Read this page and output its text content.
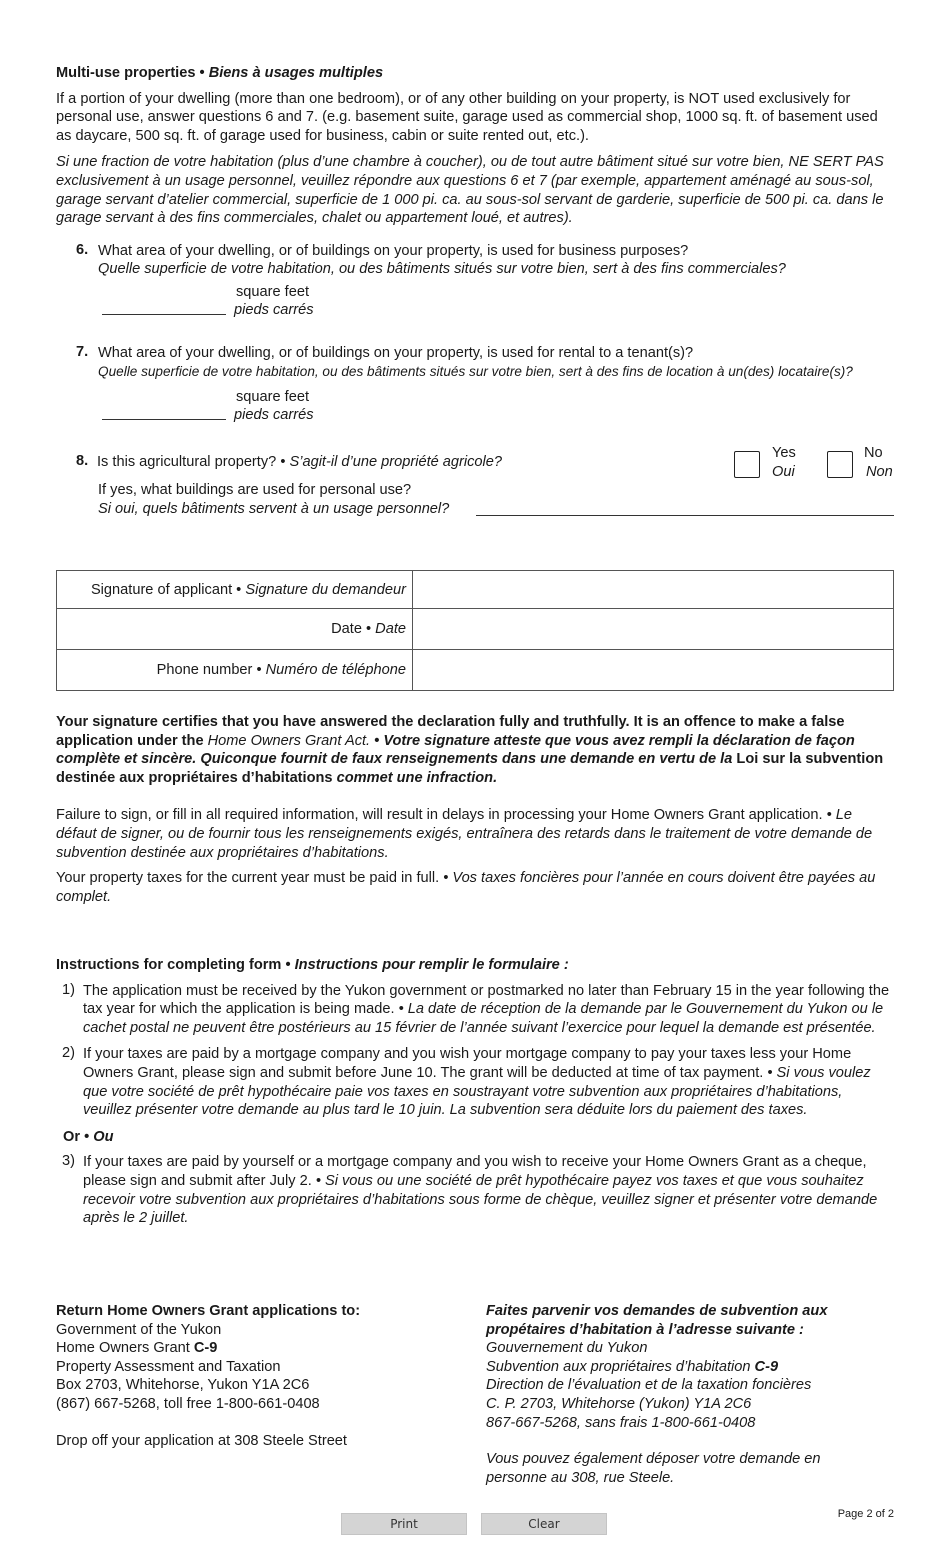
Multi-use properties • Biens à usages multiples

If a portion of your dwelling (more than one bedroom), or of any other building on your property, is NOT used exclusively for personal use, answer questions 6 and 7. (e.g. basement suite, garage used as commercial shop, 1000 sq. ft. of basement used as daycare, 500 sq. ft. of garage used for business, cabin or suite rented out, etc.).

Si une fraction de votre habitation (plus d’une chambre à coucher), ou de tout autre bâtiment situé sur votre bien, NE SERT PAS exclusivement à un usage personnel, veuillez répondre aux questions 6 et 7 (par exemple, appartement aménagé au sous-sol, garage servant d’atelier commercial, superficie de 1 000 pi. ca. au sous-sol servant de garderie, superficie de 500 pi. ca. dans le garage servant à des fins commerciales, chalet ou appartement loué, et autres).

6. What area of your dwelling, or of buildings on your property, is used for business purposes?

Quelle superficie de votre habitation, ou des bâtiments situés sur votre bien, sert à des fins commerciales?

square feet
pieds carrés
7. What area of your dwelling, or of buildings on your property, is used for rental to a tenant(s)?

Quelle superficie de votre habitation, ou des bâtiments situés sur votre bien, sert à des fins de location à un(des) locataire(s)?

square feet
pieds carrés
8. Is this agricultural property? • S’agit-il d’une propriété agricole?

Yes
Oui
No
Non

If yes, what buildings are used for personal use?

Si oui, quels bâtiments servent à un usage personnel?

Signature of applicant • Signature du demandeur	
Date • Date	
Phone number • Numéro de téléphone	

Your signature certifies that you have answered the declaration fully and truthfully. It is an offence to make a false application under the Home Owners Grant Act. • Votre signature atteste que vous avez rempli la déclaration de façon complète et sincère. Quiconque fournit de faux renseignements dans une demande en vertu de la Loi sur la subvention destinée aux propriétaires d’habitations commet une infraction.

Failure to sign, or fill in all required information, will result in delays in processing your Home Owners Grant application. • Le défaut de signer, ou de fournir tous les renseignements exigés, entraînera des retards dans le traitement de votre demande de subvention destinée aux propriétaires d’habitations.

Your property taxes for the current year must be paid in full. • Vos taxes foncières pour l’année en cours doivent être payées au complet.

Instructions for completing form • Instructions pour remplir le formulaire :

1) The application must be received by the Yukon government or postmarked no later than February 15 in the year following the tax year for which the application is being made. • La date de réception de la demande par le Gouvernement du Yukon ou le cachet postal ne peuvent être postérieurs au 15 février de l’année suivant l’exercice pour lequel la demande est présentée.

2) If your taxes are paid by a mortgage company and you wish your mortgage company to pay your taxes less your Home Owners Grant, please sign and submit before June 10. The grant will be deducted at time of tax payment. • Si vous voulez que votre société de prêt hypothécaire paie vos taxes en soustrayant votre subvention aux propriétaires d’habitations, veuillez présenter votre demande au plus tard le 10 juin. La subvention sera déduite lors du paiement des taxes.

Or • Ou

3) If your taxes are paid by yourself or a mortgage company and you wish to receive your Home Owners Grant as a cheque, please sign and submit after July 2. • Si vous ou une société de prêt hypothécaire payez vos taxes et que vous souhaitez recevoir votre subvention aux propriétaires d’habitations sous forme de chèque, veuillez signer et présenter votre demande après le 2 juillet.

Return Home Owners Grant applications to:

Government of the Yukon

Home Owners Grant C-9

Property Assessment and Taxation

Box 2703, Whitehorse, Yukon Y1A 2C6

(867) 667-5268, toll free 1-800-661-0408

Drop off your application at 308 Steele Street

Faites parvenir vos demandes de subvention aux propétaires d’habitation à l’adresse suivante :

Gouvernement du Yukon

Subvention aux propriétaires d’habitation C-9

Direction de l’évaluation et de la taxation foncières

C. P. 2703, Whitehorse (Yukon) Y1A 2C6

867-667-5268, sans frais 1-800-661-0408

Vous pouvez également déposer votre demande en personne au 308, rue Steele.

Print	Clear
Page 2 of 2
